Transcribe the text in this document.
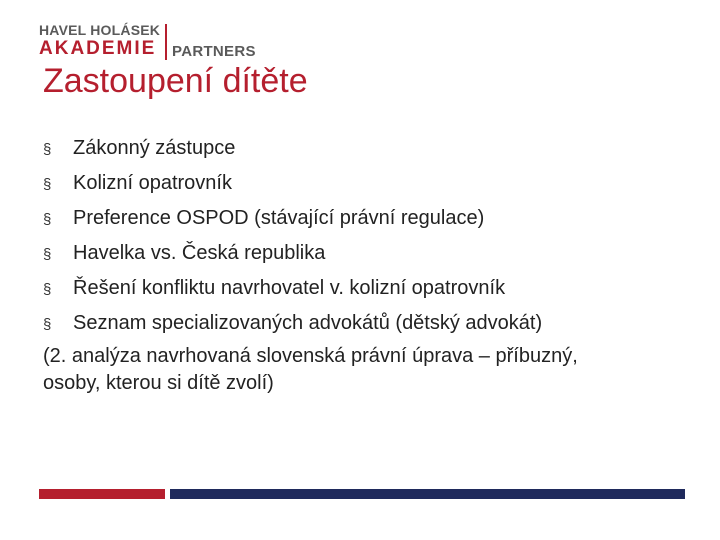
HAVEL HOLÁSEK
AKADEMIE PARTNERS
Zastoupení dítěte
§	Zákonný zástupce
§	Kolizní opatrovník
§	Preference OSPOD (stávající právní regulace)
§	Havelka vs. Česká republika
§	Řešení konfliktu navrhovatel v. kolizní opatrovník
§	Seznam specializovaných advokátů (dětský advokát)
(2. analýza navrhovaná slovenská právní úprava – příbuzný, osoby, kterou si dítě zvolí)
